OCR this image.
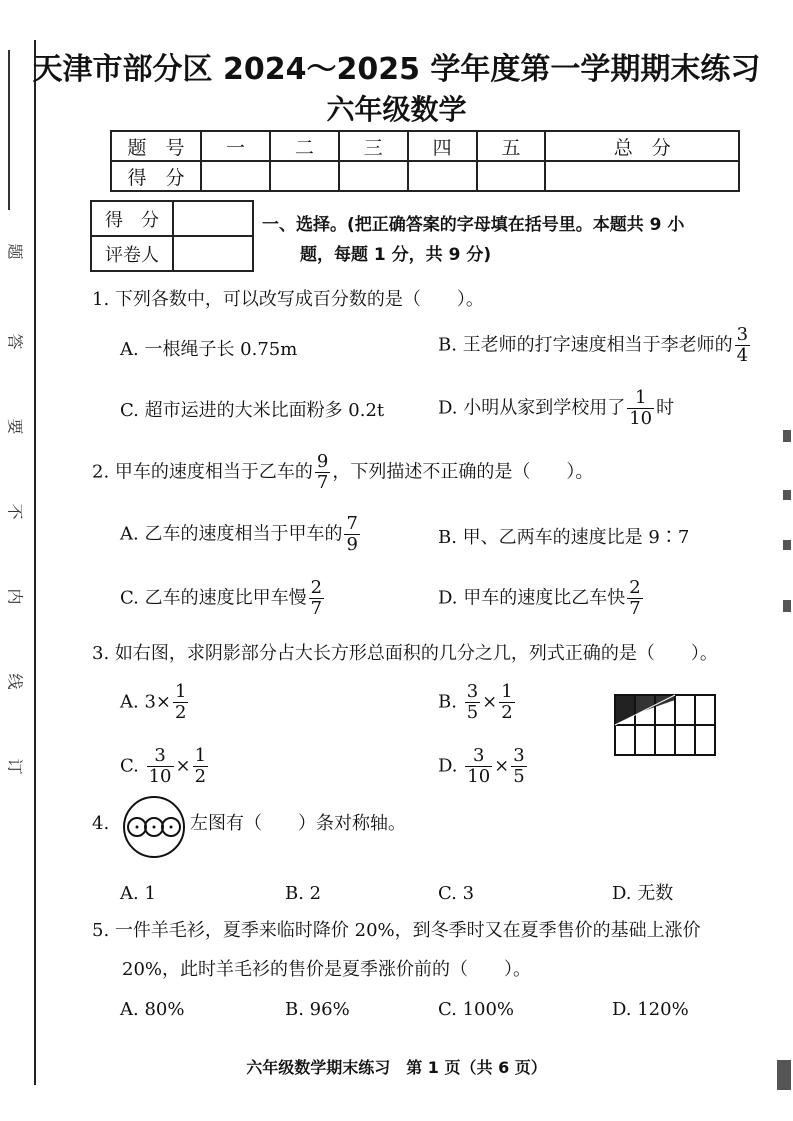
题
答
要
不
内
线
订
天津市部分区 2024～2025 学年度第一学期期末练习
六年级数学
题　号	一	二	三	四	五	总　分
得　分						
得　分	
评卷人	
一、选择。(把正确答案的字母填在括号里。本题共 9 小
题，每题 1 分，共 9 分)
1. 下列各数中，可以改写成百分数的是（　　）。
A. 一根绳子长 0.75m	B. 王老师的打字速度相当于李老师的 $\frac{3}{4}$
C. 超市运进的大米比面粉多 0.2t	D. 小明从家到学校用了 $\frac{1}{10}$ 时
2. 甲车的速度相当于乙车的 $\frac{9}{7}$ ，下列描述不正确的是（　　）。
A. 乙车的速度相当于甲车的 $\frac{7}{9}$	B. 甲、乙两车的速度比是 9∶7
C. 乙车的速度比甲车慢 $\frac{2}{7}$	D. 甲车的速度比乙车快 $\frac{2}{7}$
3. 如右图，求阴影部分占大长方形总面积的几分之几，列式正确的是（　　）。
A. $3\times \frac{1}{2}$	B. $\frac{3}{5} \times \frac{1}{2}$
C. $\frac{3}{10} \times \frac{1}{2}$	D. $\frac{3}{10} \times \frac{3}{5}$
4.	左图有（　　）条对称轴。
A. 1	B. 2	C. 3	D. 无数
5. 一件羊毛衫，夏季来临时降价 20%，到冬季时又在夏季售价的基础上涨价
20%，此时羊毛衫的售价是夏季涨价前的（　　）。
A. 80%	B. 96%	C. 100%	D. 120%
六年级数学期末练习　第 1 页（共 6 页）
